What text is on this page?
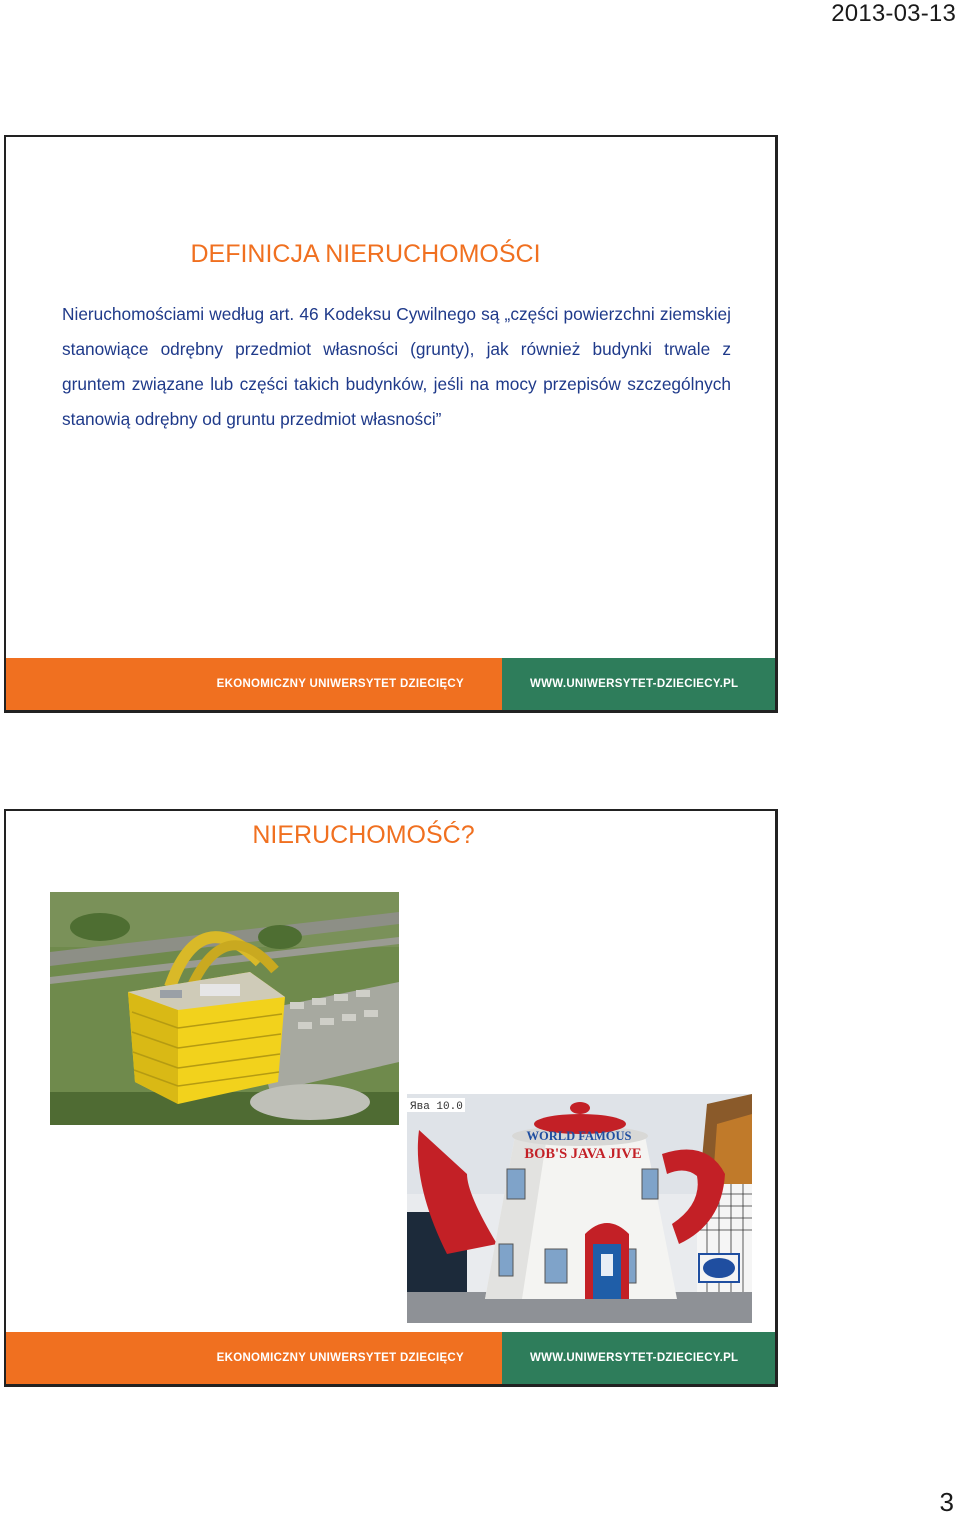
2013-03-13
DEFINICJA NIERUCHOMOŚCI

Nieruchomościami według art. 46 Kodeksu Cywilnego są „części powierzchni ziemskiej stanowiące odrębny przedmiot własności (grunty), jak również budynki trwale z gruntem związane lub części takich budynków, jeśli na mocy przepisów szczególnych stanowią odrębny od gruntu przedmiot własności”

EKONOMICZNY UNIWERSYTET DZIECIĘCY	WWW.UNIWERSYTET-DZIECIECY.PL
NIERUCHOMOŚĆ?
Ява 10.0
WORLD FAMOUS
BOB'S JAVA JIVE
EKONOMICZNY UNIWERSYTET DZIECIĘCY	WWW.UNIWERSYTET-DZIECIECY.PL
3
